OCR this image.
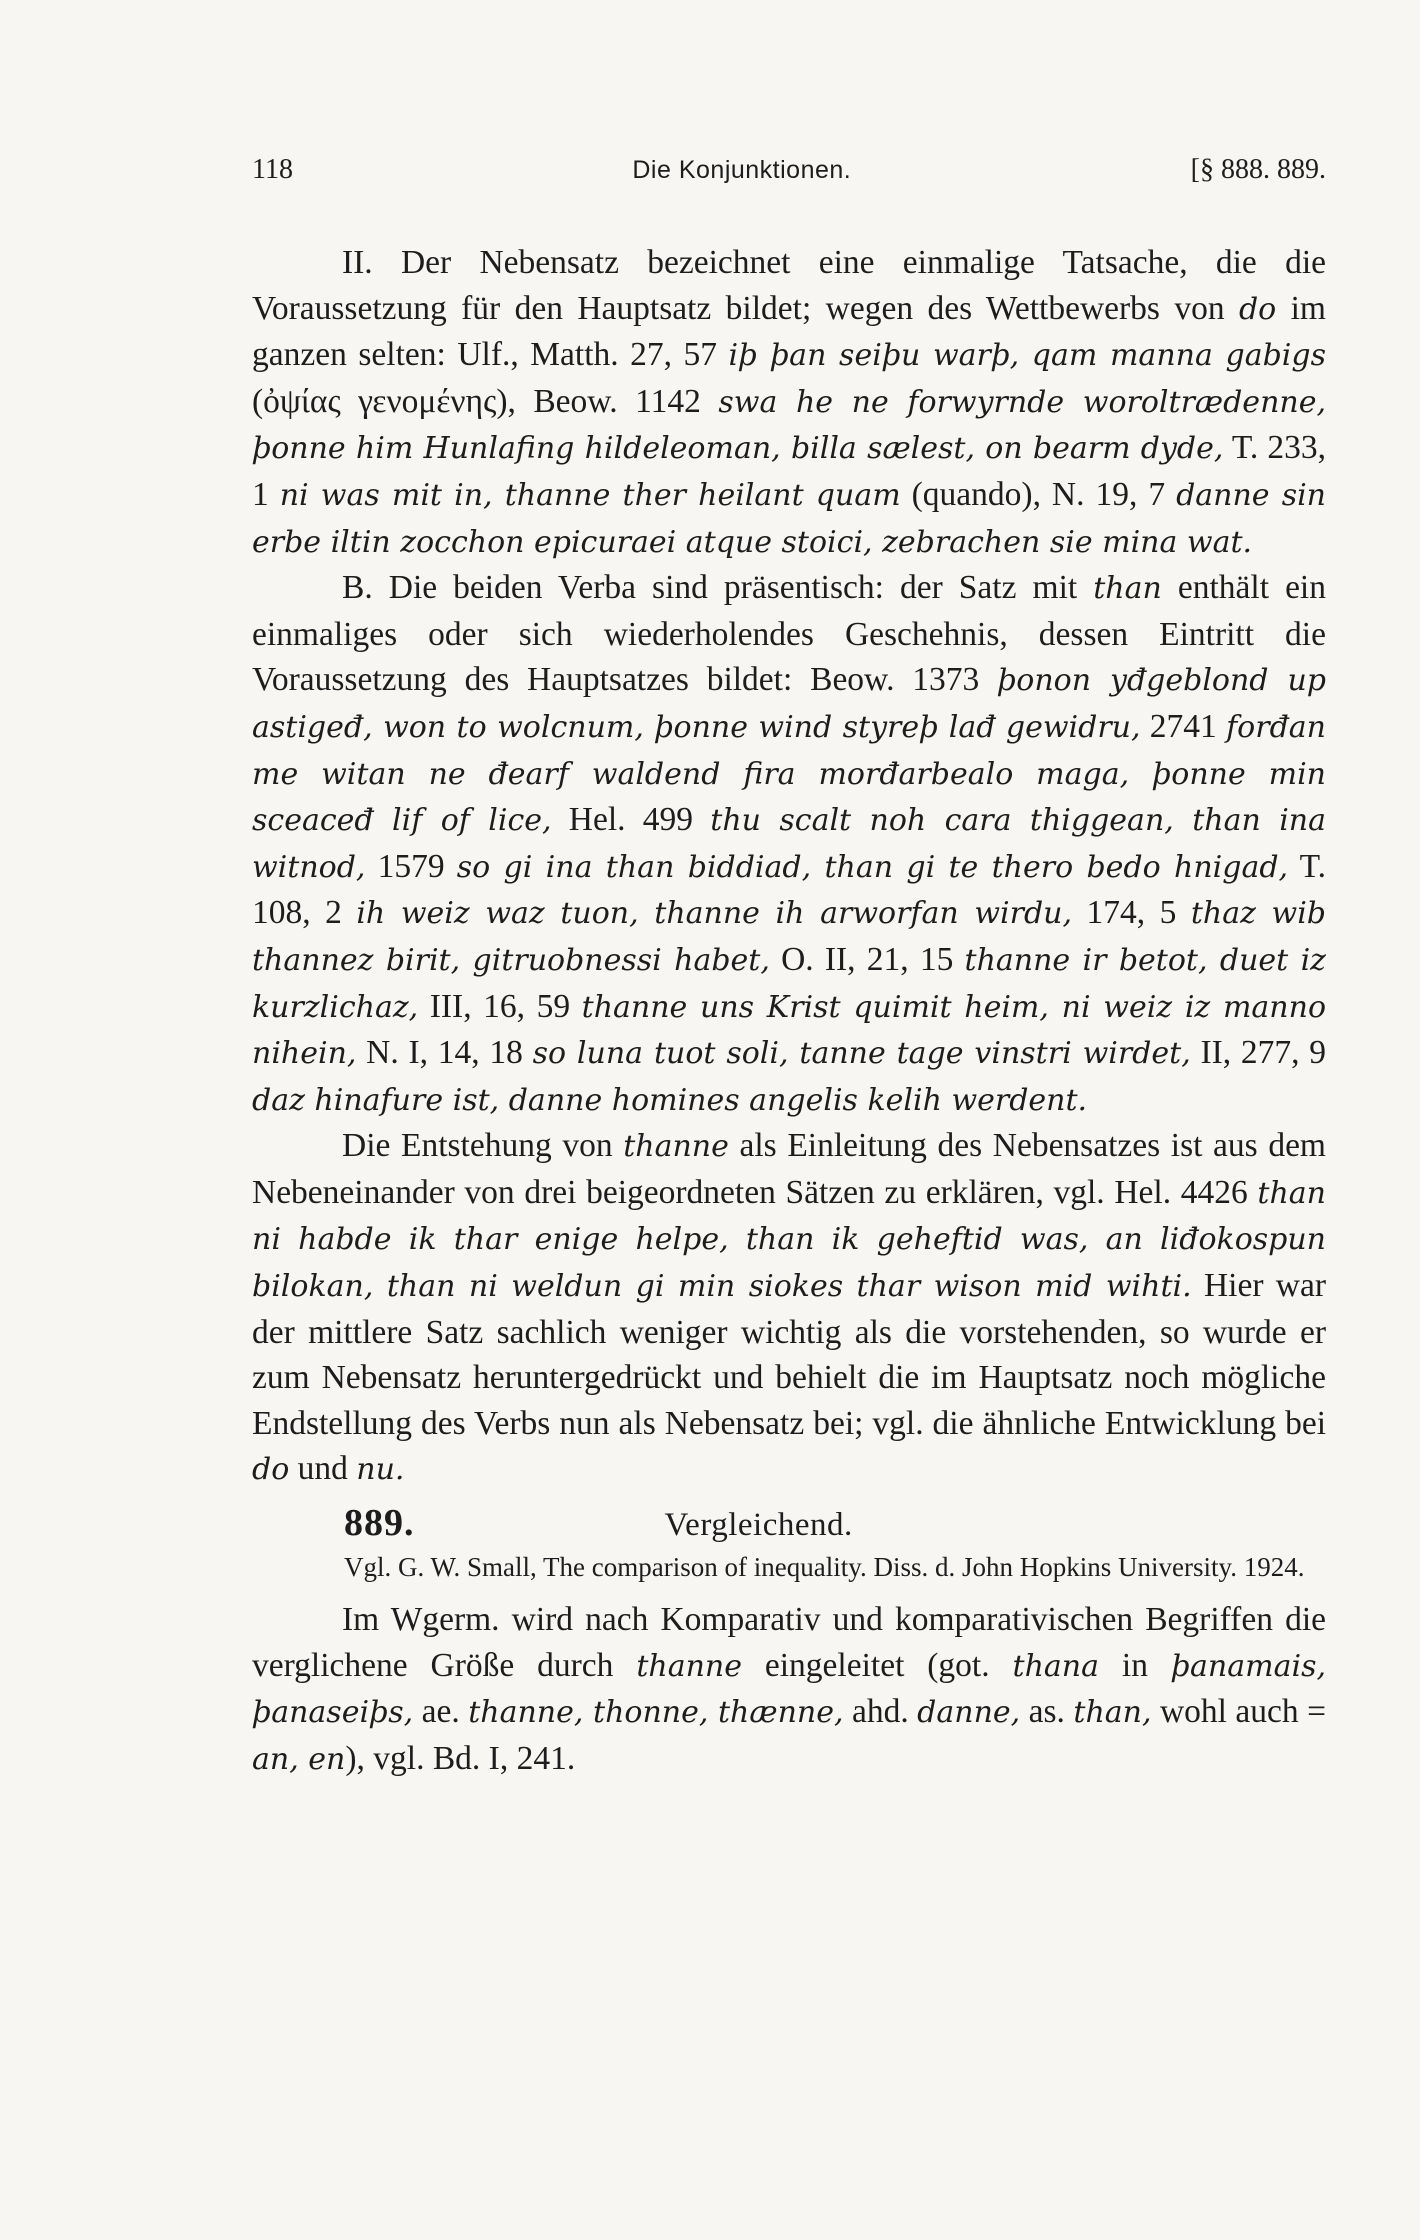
118	Die Konjunktionen.	[§ 888. 889.

II. Der Nebensatz bezeichnet eine einmalige Tatsache, die die Voraussetzung für den Hauptsatz bildet; wegen des Wettbewerbs von do im ganzen selten: Ulf., Matth. 27, 57 iþ þan seiþu warþ, qam manna gabigs (ὀψίας γενομένης), Beow. 1142 swa he ne forwyrnde woroltrædenne, þonne him Hunlafing hildeleoman, billa sælest, on bearm dyde, T. 233, 1 ni was mit in, thanne ther heilant quam (quando), N. 19, 7 danne sin erbe iltin zocchon epicuraei atque stoici, zebrachen sie mina wat.

B. Die beiden Verba sind präsentisch: der Satz mit than enthält ein einmaliges oder sich wiederholendes Geschehnis, dessen Eintritt die Voraussetzung des Hauptsatzes bildet: Beow. 1373 þonon yđgeblond up astigeđ, won to wolcnum, þonne wind styreþ lađ gewidru, 2741 forđan me witan ne đearf waldend fira morđarbealo maga, þonne min sceaceđ lif of lice, Hel. 499 thu scalt noh cara thiggean, than ina witnod, 1579 so gi ina than biddiad, than gi te thero bedo hnigad, T. 108, 2 ih weiz waz tuon, thanne ih arworfan wirdu, 174, 5 thaz wib thannez birit, gitruobnessi habet, O. II, 21, 15 thanne ir betot, duet iz kurzlichaz, III, 16, 59 thanne uns Krist quimit heim, ni weiz iz manno nihein, N. I, 14, 18 so luna tuot soli, tanne tage vinstri wirdet, II, 277, 9 daz hinafure ist, danne homines angelis kelih werdent.

Die Entstehung von thanne als Einleitung des Nebensatzes ist aus dem Nebeneinander von drei beigeordneten Sätzen zu erklären, vgl. Hel. 4426 than ni habde ik thar enige helpe, than ik geheftid was, an liđokospun bilokan, than ni weldun gi min siokes thar wison mid wihti. Hier war der mittlere Satz sachlich weniger wichtig als die vorstehenden, so wurde er zum Nebensatz heruntergedrückt und behielt die im Hauptsatz noch mögliche Endstellung des Verbs nun als Nebensatz bei; vgl. die ähnliche Entwicklung bei do und nu.

889.	Vergleichend.

Vgl. G. W. Small, The comparison of inequality. Diss. d. John Hopkins University. 1924.

Im Wgerm. wird nach Komparativ und komparativischen Begriffen die verglichene Größe durch thanne eingeleitet (got. thana in þanamais, þanaseiþs, ae. thanne, thonne, thænne, ahd. danne, as. than, wohl auch = an, en), vgl. Bd. I, 241.
